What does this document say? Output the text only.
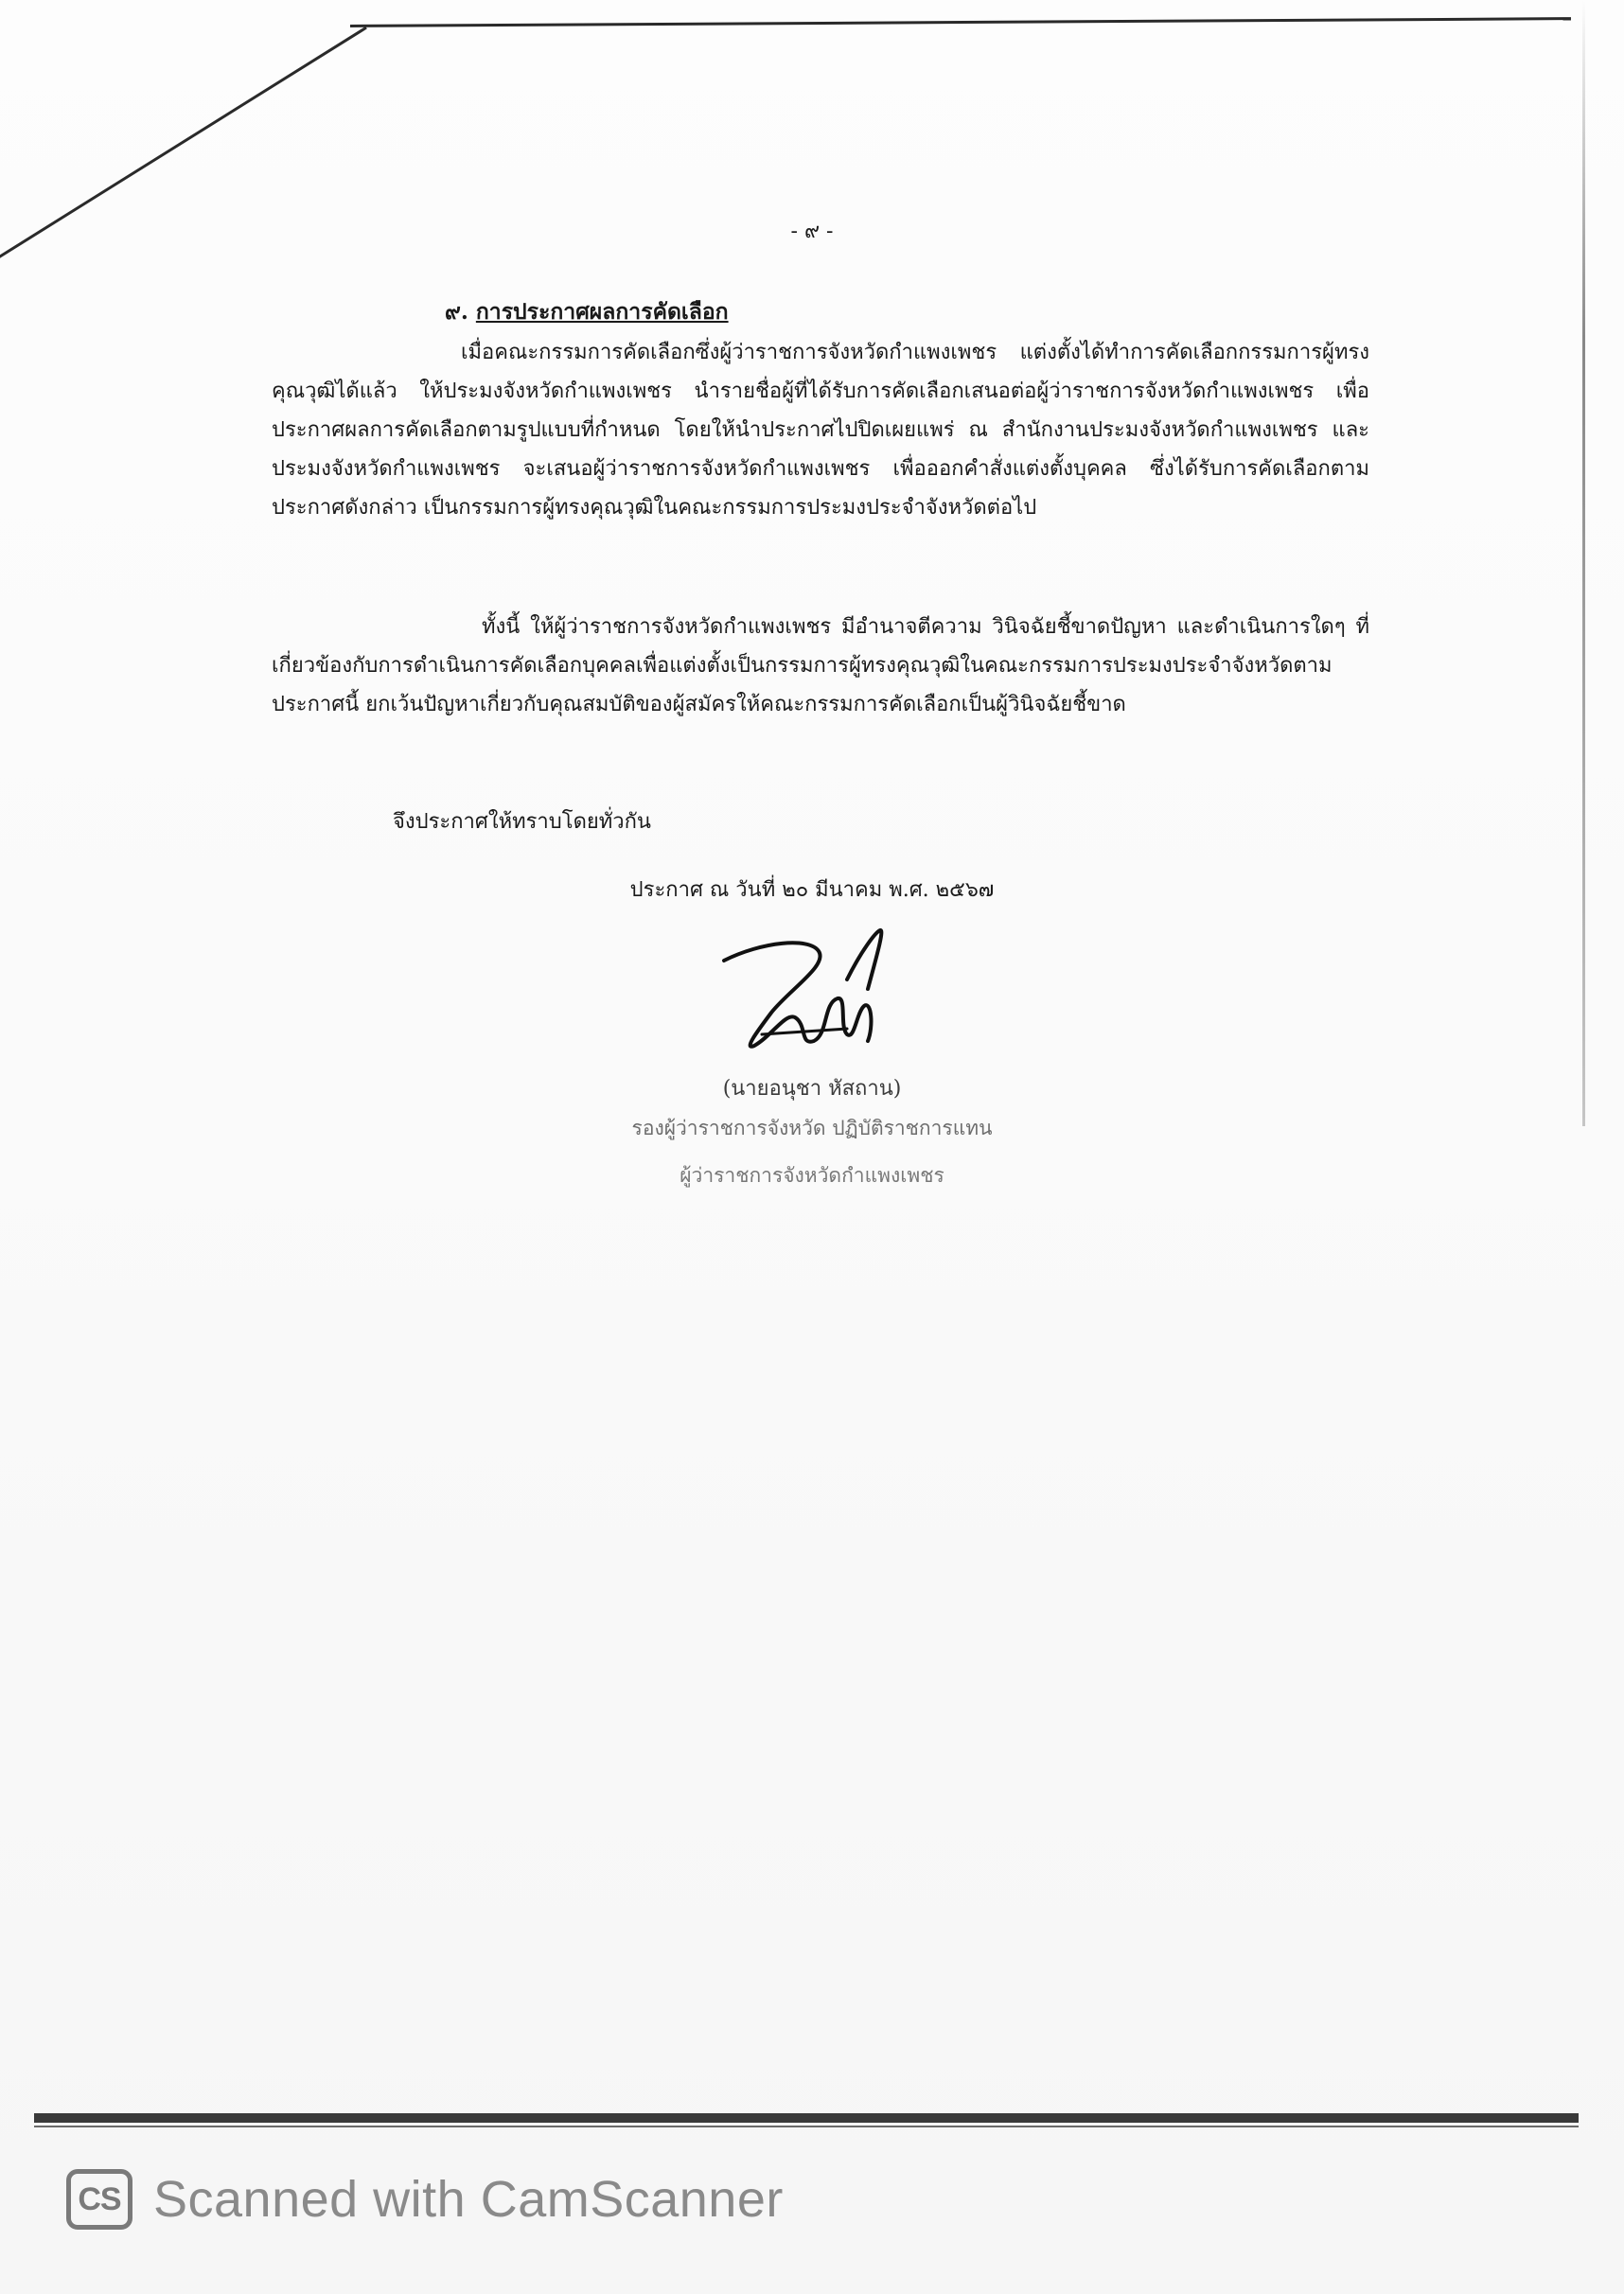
- ๙ -
๙. การประกาศผลการคัดเลือก
เมื่อคณะกรรมการคัดเลือกซึ่งผู้ว่าราชการจังหวัดกำแพงเพชร แต่งตั้งได้ทำการคัดเลือกกรรมการผู้ทรงคุณวุฒิได้แล้ว ให้ประมงจังหวัดกำแพงเพชร นำรายชื่อผู้ที่ได้รับการคัดเลือกเสนอต่อผู้ว่าราชการจังหวัดกำแพงเพชร เพื่อประกาศผลการคัดเลือกตามรูปแบบที่กำหนด โดยให้นำประกาศไปปิดเผยแพร่ ณ สำนักงานประมงจังหวัดกำแพงเพชร และประมงจังหวัดกำแพงเพชร จะเสนอผู้ว่าราชการจังหวัดกำแพงเพชร เพื่อออกคำสั่งแต่งตั้งบุคคล ซึ่งได้รับการคัดเลือกตามประกาศดังกล่าว เป็นกรรมการผู้ทรงคุณวุฒิในคณะกรรมการประมงประจำจังหวัดต่อไป
ทั้งนี้ ให้ผู้ว่าราชการจังหวัดกำแพงเพชร มีอำนาจตีความ วินิจฉัยชี้ขาดปัญหา และดำเนินการใดๆ ที่เกี่ยวข้องกับการดำเนินการคัดเลือกบุคคลเพื่อแต่งตั้งเป็นกรรมการผู้ทรงคุณวุฒิในคณะกรรมการประมงประจำจังหวัดตามประกาศนี้ ยกเว้นปัญหาเกี่ยวกับคุณสมบัติของผู้สมัครให้คณะกรรมการคัดเลือกเป็นผู้วินิจฉัยชี้ขาด
จึงประกาศให้ทราบโดยทั่วกัน
ประกาศ ณ วันที่ ๒๐ มีนาคม พ.ศ. ๒๕๖๗
(นายอนุชา หัสถาน)
รองผู้ว่าราชการจังหวัด ปฏิบัติราชการแทน
ผู้ว่าราชการจังหวัดกำแพงเพชร
CS Scanned with CamScanner
